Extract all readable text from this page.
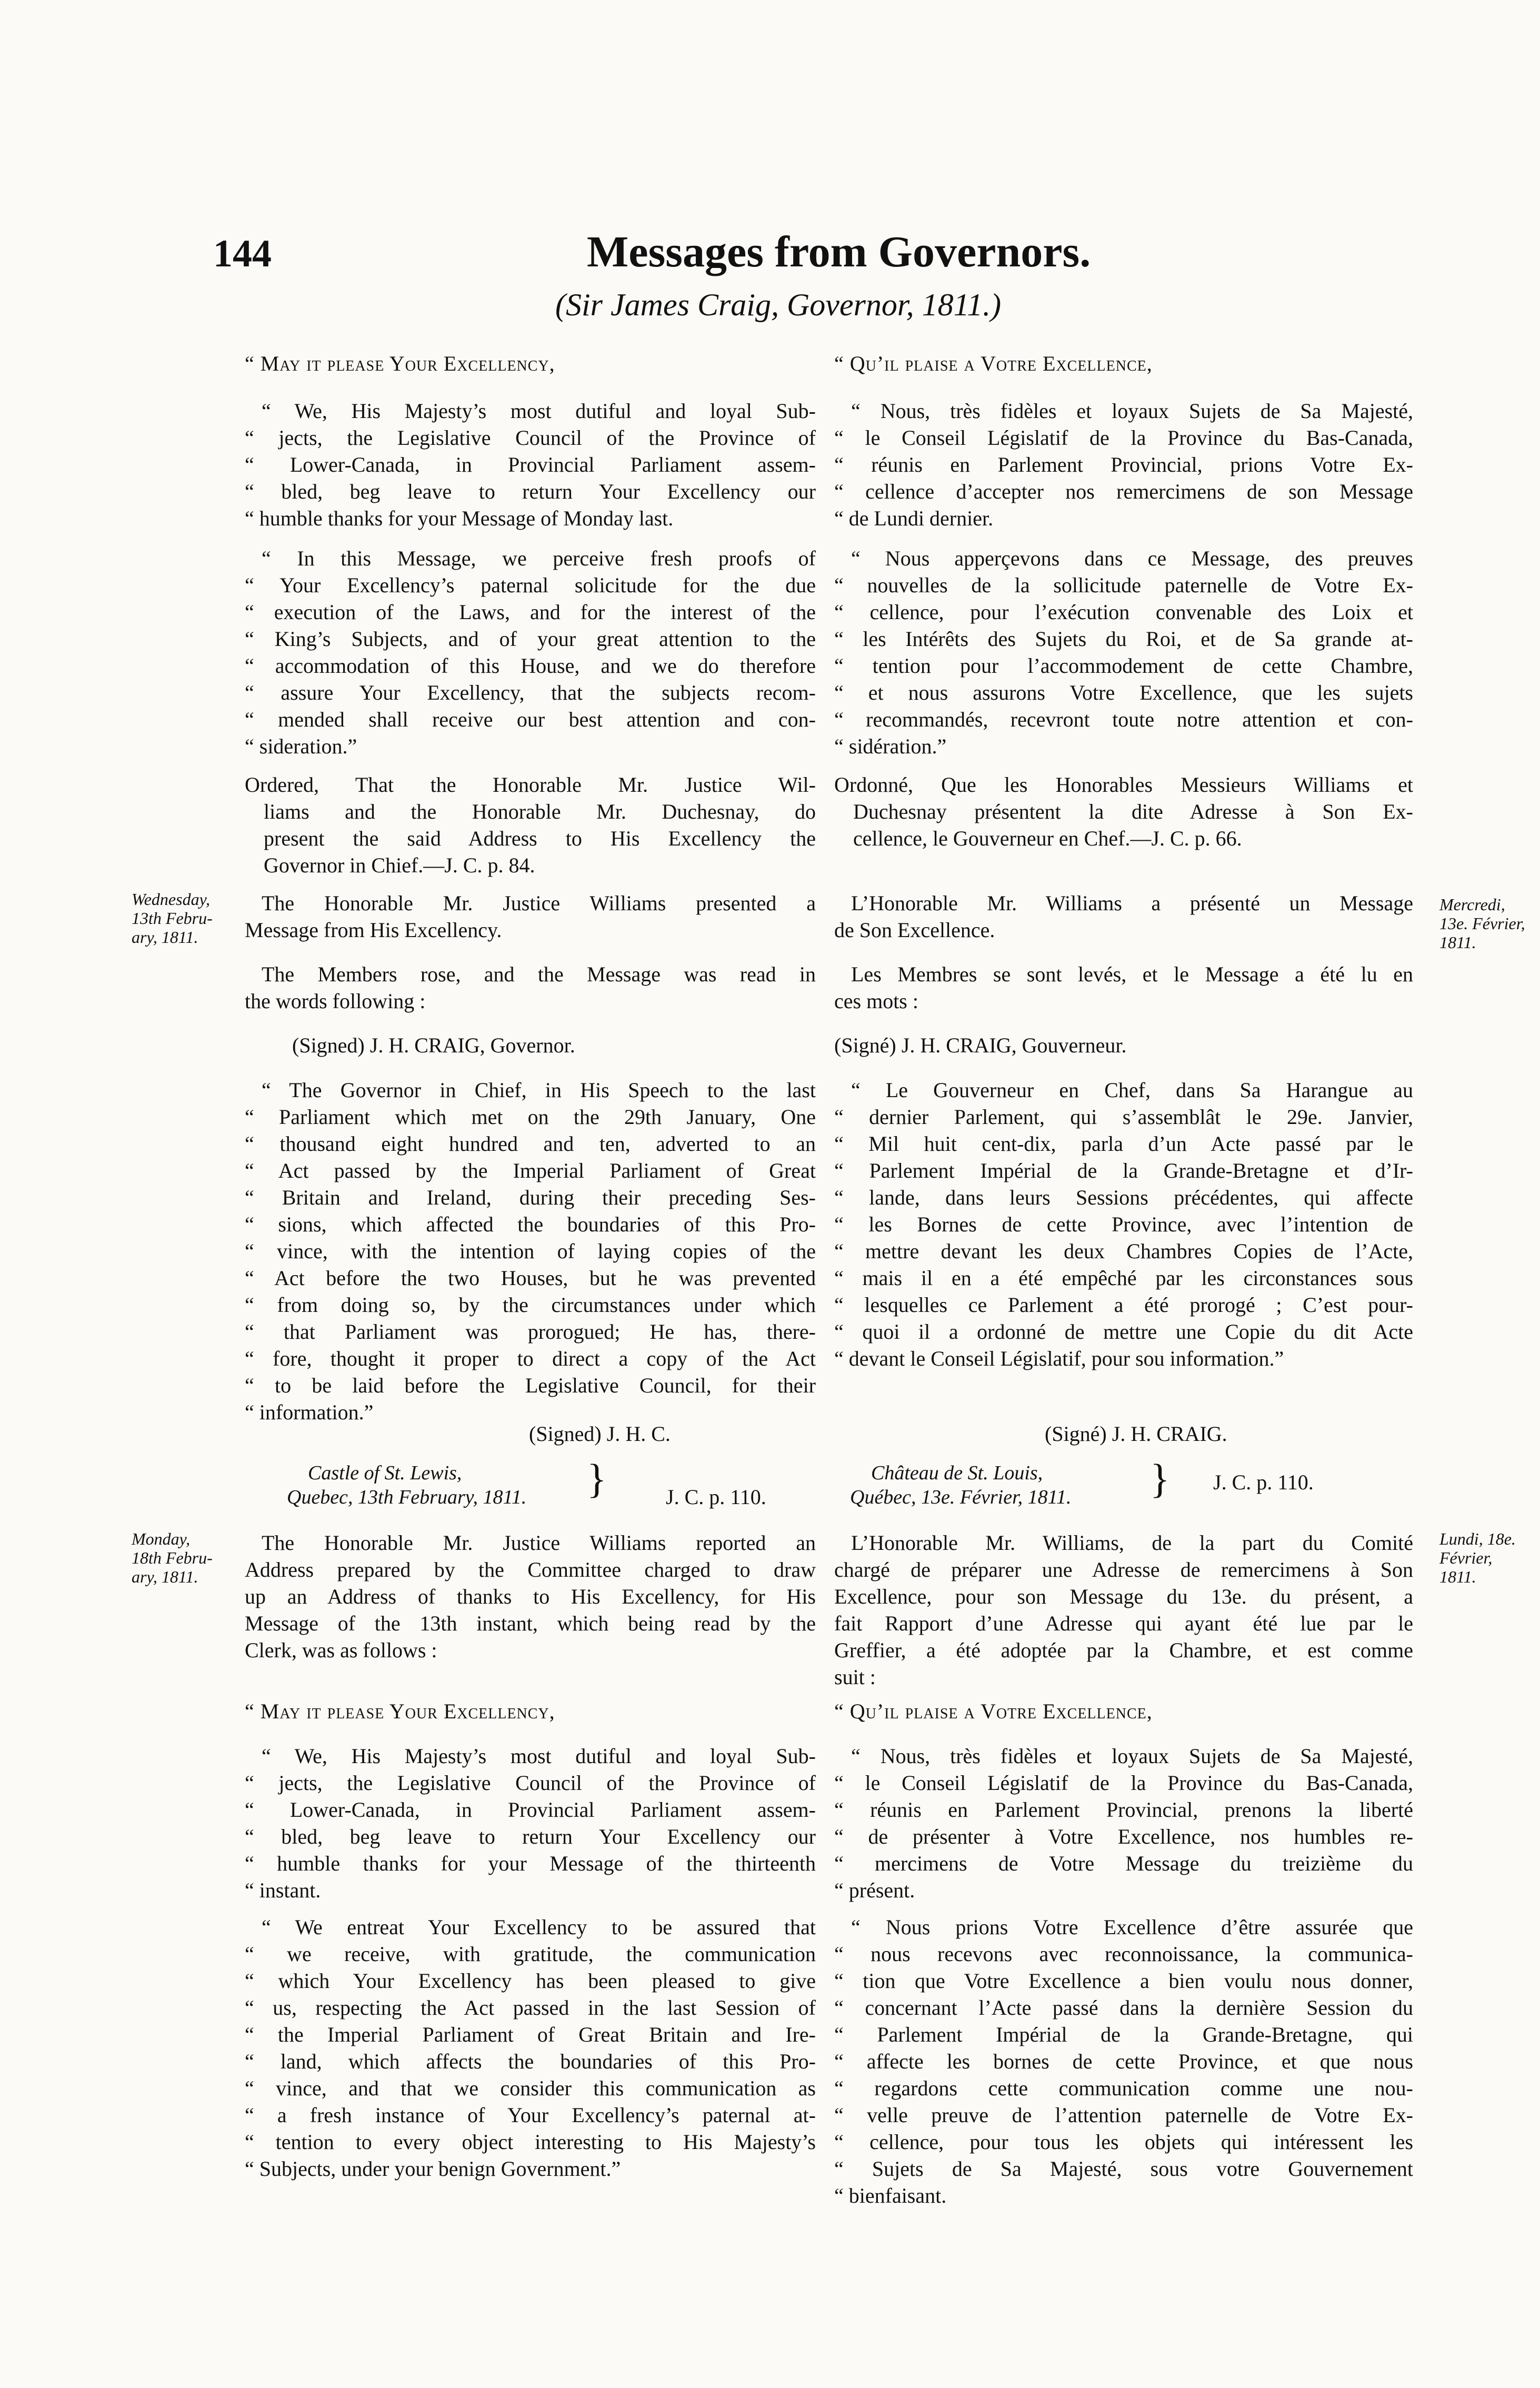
144	Messages from Governors.
(Sir James Craig, Governor, 1811.)
Wednesday,
13th Febru-
ary, 1811.
Mercredi,
13e. Février,
1811.
Monday,
18th Febru-
ary, 1811.
Lundi, 18e.
Février,
1811.
“ May it please Your Excellency,
“ We, His Majesty’s most dutiful and loyal Sub-
“ jects, the Legislative Council of the Province of
“ Lower-Canada, in Provincial Parliament assem-
“ bled, beg leave to return Your Excellency our
“ humble thanks for your Message of Monday last.
“ In this Message, we perceive fresh proofs of
“ Your Excellency’s paternal solicitude for the due
“ execution of the Laws, and for the interest of the
“ King’s Subjects, and of your great attention to the
“ accommodation of this House, and we do therefore
“ assure Your Excellency, that the subjects recom-
“ mended shall receive our best attention and con-
“ sideration.”
Ordered, That the Honorable Mr. Justice Wil-
liams and the Honorable Mr. Duchesnay, do
present the said Address to His Excellency the
Governor in Chief.—J. C. p. 84.
The Honorable Mr. Justice Williams presented a
Message from His Excellency.
The Members rose, and the Message was read in
the words following :
(Signed) J. H. CRAIG, Governor.
“ The Governor in Chief, in His Speech to the last
“ Parliament which met on the 29th January, One
“ thousand eight hundred and ten, adverted to an
“ Act passed by the Imperial Parliament of Great
“ Britain and Ireland, during their preceding Ses-
“ sions, which affected the boundaries of this Pro-
“ vince, with the intention of laying copies of the
“ Act before the two Houses, but he was prevented
“ from doing so, by the circumstances under which
“ that Parliament was prorogued; He has, there-
“ fore, thought it proper to direct a copy of the Act
“ to be laid before the Legislative Council, for their
“ information.”
(Signed) J. H. C.
Castle of St. Lewis,
Quebec, 13th February, 1811. }	J. C. p. 110.
The Honorable Mr. Justice Williams reported an
Address prepared by the Committee charged to draw
up an Address of thanks to His Excellency, for His
Message of the 13th instant, which being read by the
Clerk, was as follows :
“ May it please Your Excellency,
“ We, His Majesty’s most dutiful and loyal Sub-
“ jects, the Legislative Council of the Province of
“ Lower-Canada, in Provincial Parliament assem-
“ bled, beg leave to return Your Excellency our
“ humble thanks for your Message of the thirteenth
“ instant.
“ We entreat Your Excellency to be assured that
“ we receive, with gratitude, the communication
“ which Your Excellency has been pleased to give
“ us, respecting the Act passed in the last Session of
“ the Imperial Parliament of Great Britain and Ire-
“ land, which affects the boundaries of this Pro-
“ vince, and that we consider this communication as
“ a fresh instance of Your Excellency’s paternal at-
“ tention to every object interesting to His Majesty’s
“ Subjects, under your benign Government.”
“ Qu’il plaise a Votre Excellence,
“ Nous, très fidèles et loyaux Sujets de Sa Majesté,
“ le Conseil Législatif de la Province du Bas-Canada,
“ réunis en Parlement Provincial, prions Votre Ex-
“ cellence d’accepter nos remercimens de son Message
“ de Lundi dernier.
“ Nous apperçevons dans ce Message, des preuves
“ nouvelles de la sollicitude paternelle de Votre Ex-
“ cellence, pour l’exécution convenable des Loix et
“ les Intérêts des Sujets du Roi, et de Sa grande at-
“ tention pour l’accommodement de cette Chambre,
“ et nous assurons Votre Excellence, que les sujets
“ recommandés, recevront toute notre attention et con-
“ sidération.”
Ordonné, Que les Honorables Messieurs Williams et
Duchesnay présentent la dite Adresse à Son Ex-
cellence, le Gouverneur en Chef.—J. C. p. 66.
L’Honorable Mr. Williams a présenté un Message
de Son Excellence.
Les Membres se sont levés, et le Message a été lu en
ces mots :
(Signé) J. H. CRAIG, Gouverneur.
“ Le Gouverneur en Chef, dans Sa Harangue au
“ dernier Parlement, qui s’assemblât le 29e. Janvier,
“ Mil huit cent-dix, parla d’un Acte passé par le
“ Parlement Impérial de la Grande-Bretagne et d’Ir-
“ lande, dans leurs Sessions précédentes, qui affecte
“ les Bornes de cette Province, avec l’intention de
“ mettre devant les deux Chambres Copies de l’Acte,
“ mais il en a été empêché par les circonstances sous
“ lesquelles ce Parlement a été prorogé ; C’est pour-
“ quoi il a ordonné de mettre une Copie du dit Acte
“ devant le Conseil Législatif, pour sou information.”
(Signé) J. H. CRAIG.
Château de St. Louis,
Québec, 13e. Février, 1811. } J. C. p. 110.
L’Honorable Mr. Williams, de la part du Comité
chargé de préparer une Adresse de remercimens à Son
Excellence, pour son Message du 13e. du présent, a
fait Rapport d’une Adresse qui ayant été lue par le
Greffier, a été adoptée par la Chambre, et est comme
suit :
“ Qu’il plaise a Votre Excellence,
“ Nous, très fidèles et loyaux Sujets de Sa Majesté,
“ le Conseil Législatif de la Province du Bas-Canada,
“ réunis en Parlement Provincial, prenons la liberté
“ de présenter à Votre Excellence, nos humbles re-
“ mercimens de Votre Message du treizième du
“ présent.
“ Nous prions Votre Excellence d’être assurée que
“ nous recevons avec reconnoissance, la communica-
“ tion que Votre Excellence a bien voulu nous donner,
“ concernant l’Acte passé dans la dernière Session du
“ Parlement Impérial de la Grande-Bretagne, qui
“ affecte les bornes de cette Province, et que nous
“ regardons cette communication comme une nou-
“ velle preuve de l’attention paternelle de Votre Ex-
“ cellence, pour tous les objets qui intéressent les
“ Sujets de Sa Majesté, sous votre Gouvernement
“ bienfaisant.
